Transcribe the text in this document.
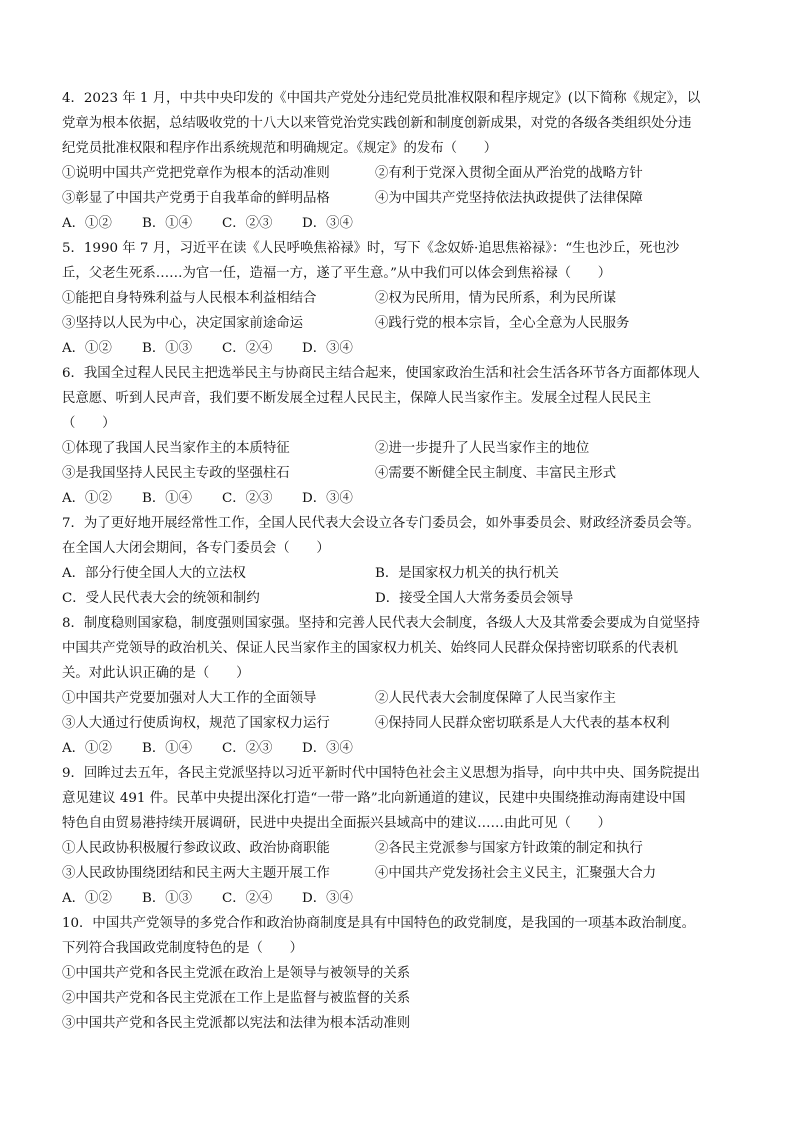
4．2023 年 1 月，中共中央印发的《中国共产党处分违纪党员批准权限和程序规定》(以下简称《规定》，以
党章为根本依据，总结吸收党的十八大以来管党治党实践创新和制度创新成果，对党的各级各类组织处分违
纪党员批准权限和程序作出系统规范和明确规定。《规定》的发布（　　）
①说明中国共产党把党章作为根本的活动准则	②有利于党深入贯彻全面从严治党的战略方针
③彰显了中国共产党勇于自我革命的鲜明品格	④为中国共产党坚持依法执政提供了法律保障
A．①②	B．①④	C．②③	D．③④
5．1990 年 7 月，习近平在读《人民呼唤焦裕禄》时，写下《念奴娇·追思焦裕禄》：“生也沙丘，死也沙
丘，父老生死系……为官一任，造福一方，遂了平生意。”从中我们可以体会到焦裕禄（　　）
①能把自身特殊利益与人民根本利益相结合	②权为民所用，情为民所系，利为民所谋
③坚持以人民为中心，决定国家前途命运	④践行党的根本宗旨，全心全意为人民服务
A．①②	B．①③	C．②④	D．③④
6．我国全过程人民民主把选举民主与协商民主结合起来，使国家政治生活和社会生活各环节各方面都体现人
民意愿、听到人民声音，我们要不断发展全过程人民民主，保障人民当家作主。发展全过程人民民主
（　　）
①体现了我国人民当家作主的本质特征	②进一步提升了人民当家作主的地位
③是我国坚持人民民主专政的坚强柱石	④需要不断健全民主制度、丰富民主形式
A．①②	B．①④	C．②③	D．③④
7．为了更好地开展经常性工作，全国人民代表大会设立各专门委员会，如外事委员会、财政经济委员会等。
在全国人大闭会期间，各专门委员会（　　）
A．部分行使全国人大的立法权	B．是国家权力机关的执行机关
C．受人民代表大会的统领和制约	D．接受全国人大常务委员会领导
8．制度稳则国家稳，制度强则国家强。坚持和完善人民代表大会制度，各级人大及其常委会要成为自觉坚持
中国共产党领导的政治机关、保证人民当家作主的国家权力机关、始终同人民群众保持密切联系的代表机
关。对此认识正确的是（　　）
①中国共产党要加强对人大工作的全面领导	②人民代表大会制度保障了人民当家作主
③人大通过行使质询权，规范了国家权力运行	④保持同人民群众密切联系是人大代表的基本权利
A．①②	B．①④	C．②③	D．③④
9．回眸过去五年，各民主党派坚持以习近平新时代中国特色社会主义思想为指导，向中共中央、国务院提出
意见建议 491 件。民革中央提出深化打造“一带一路”北向新通道的建议，民建中央围绕推动海南建设中国
特色自由贸易港持续开展调研，民进中央提出全面振兴县域高中的建议……由此可见（　　）
①人民政协积极履行参政议政、政治协商职能	②各民主党派参与国家方针政策的制定和执行
③人民政协围绕团结和民主两大主题开展工作	④中国共产党发扬社会主义民主，汇聚强大合力
A．①②	B．①③	C．②④	D．③④
10．中国共产党领导的多党合作和政治协商制度是具有中国特色的政党制度，是我国的一项基本政治制度。
下列符合我国政党制度特色的是（　　）
①中国共产党和各民主党派在政治上是领导与被领导的关系
②中国共产党和各民主党派在工作上是监督与被监督的关系
③中国共产党和各民主党派都以宪法和法律为根本活动准则
